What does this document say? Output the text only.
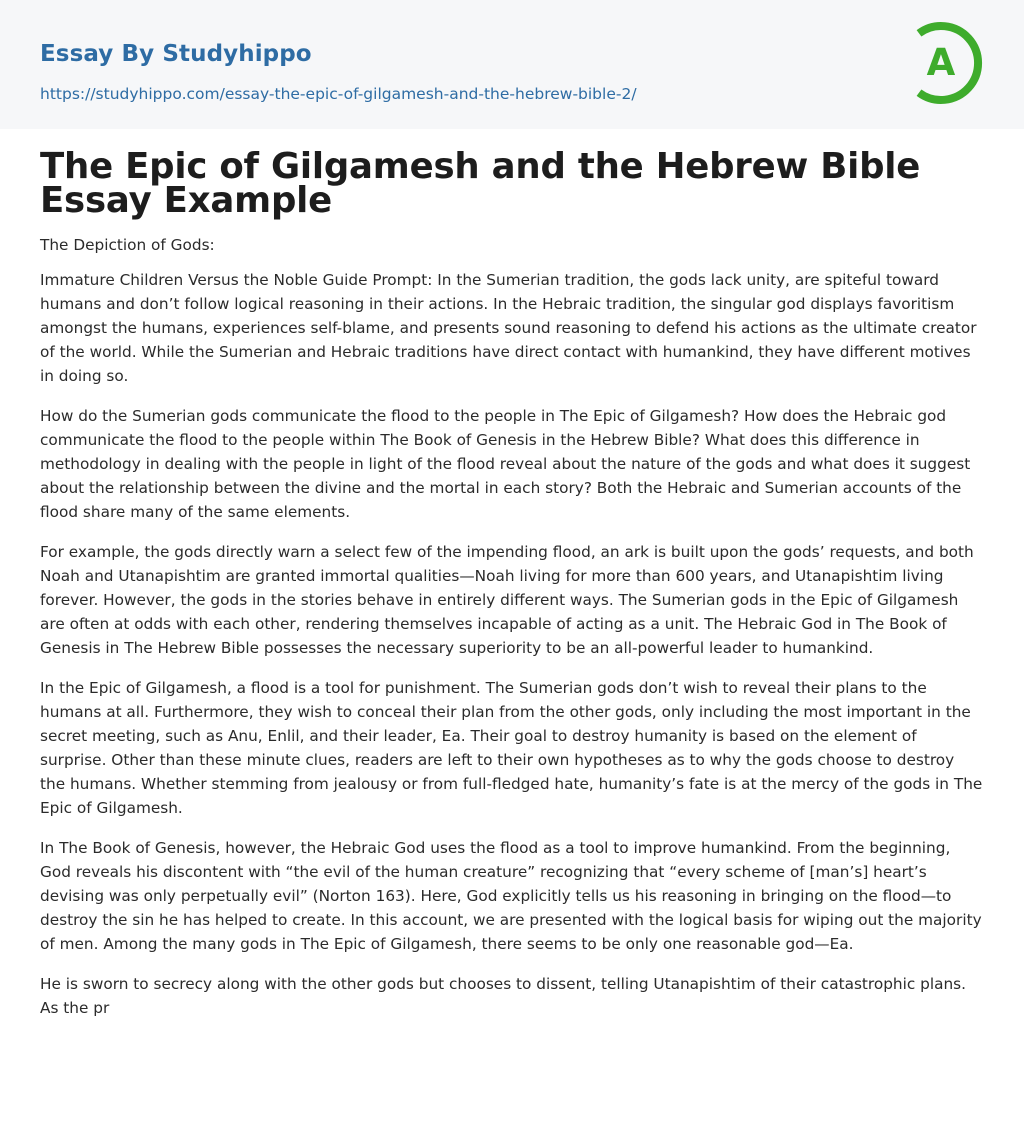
Essay By Studyhippo
https://studyhippo.com/essay-the-epic-of-gilgamesh-and-the-hebrew-bible-2/
A
The Epic of Gilgamesh and the Hebrew Bible Essay Example

The Depiction of Gods:

Immature Children Versus the Noble Guide Prompt: In the Sumerian tradition, the gods lack unity, are spiteful toward humans and don’t follow logical reasoning in their actions. In the Hebraic tradition, the singular god displays favoritism amongst the humans, experiences self-blame, and presents sound reasoning to defend his actions as the ultimate creator of the world. While the Sumerian and Hebraic traditions have direct contact with humankind, they have different motives in doing so.

How do the Sumerian gods communicate the flood to the people in The Epic of Gilgamesh? How does the Hebraic god communicate the flood to the people within The Book of Genesis in the Hebrew Bible? What does this difference in methodology in dealing with the people in light of the flood reveal about the nature of the gods and what does it suggest about the relationship between the divine and the mortal in each story? Both the Hebraic and Sumerian accounts of the flood share many of the same elements.

For example, the gods directly warn a select few of the impending flood, an ark is built upon the gods’ requests, and both Noah and Utanapishtim are granted immortal qualities—Noah living for more than 600 years, and Utanapishtim living forever. However, the gods in the stories behave in entirely different ways. The Sumerian gods in the Epic of Gilgamesh are often at odds with each other, rendering themselves incapable of acting as a unit. The Hebraic God in The Book of Genesis in The Hebrew Bible possesses the necessary superiority to be an all-powerful leader to humankind.

In the Epic of Gilgamesh, a flood is a tool for punishment. The Sumerian gods don’t wish to reveal their plans to the humans at all. Furthermore, they wish to conceal their plan from the other gods, only including the most important in the secret meeting, such as Anu, Enlil, and their leader, Ea. Their goal to destroy humanity is based on the element of surprise. Other than these minute clues, readers are left to their own hypotheses as to why the gods choose to destroy the humans. Whether stemming from jealousy or from full-fledged hate, humanity’s fate is at the mercy of the gods in The Epic of Gilgamesh.

In The Book of Genesis, however, the Hebraic God uses the flood as a tool to improve humankind. From the beginning, God reveals his discontent with “the evil of the human creature” recognizing that “every scheme of [man’s] heart’s devising was only perpetually evil” (Norton 163). Here, God explicitly tells us his reasoning in bringing on the flood—to destroy the sin he has helped to create. In this account, we are presented with the logical basis for wiping out the majority of men. Among the many gods in The Epic of Gilgamesh, there seems to be only one reasonable god—Ea.

He is sworn to secrecy along with the other gods but chooses to dissent, telling Utanapishtim of their catastrophic plans. As the pr
